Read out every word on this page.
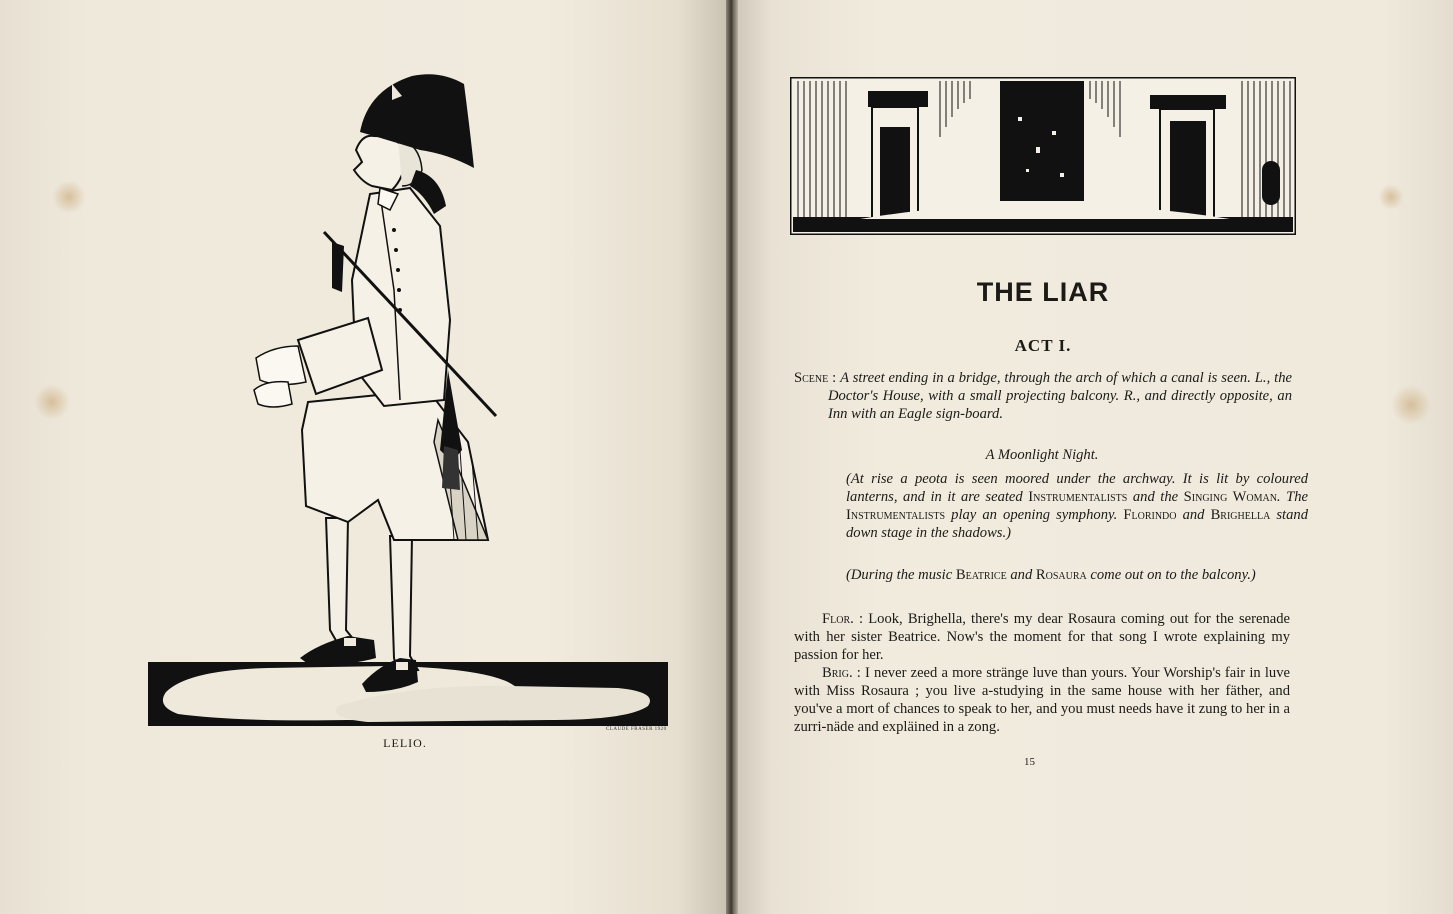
LELIO.
CLAUDE FRASER 1920
THE LIAR
ACT I.

Scene : A street ending in a bridge, through the arch of which a canal is seen. L., the Doctor's House, with a small projecting balcony. R., and directly opposite, an Inn with an Eagle sign-board.

A Moonlight Night.

(At rise a peota is seen moored under the archway. It is lit by coloured lanterns, and in it are seated Instrumentalists and the Singing Woman. The Instrumentalists play an opening symphony. Florindo and Brighella stand down stage in the shadows.)

(During the music Beatrice and Rosaura come out on to the balcony.)

Flor. : Look, Brighella, there's my dear Rosaura coming out for the serenade with her sister Beatrice. Now's the moment for that song I wrote explaining my passion for her.

Brig. : I never zeed a more strӓnge luve than yours. Your Worship's fair in luve with Miss Rosaura ; you live a-studying in the same house with her fӓther, and you've a mort of chances to speak to her, and you must needs have it zung to her in a zurri-nӓde and explӓined in a zong.

15
